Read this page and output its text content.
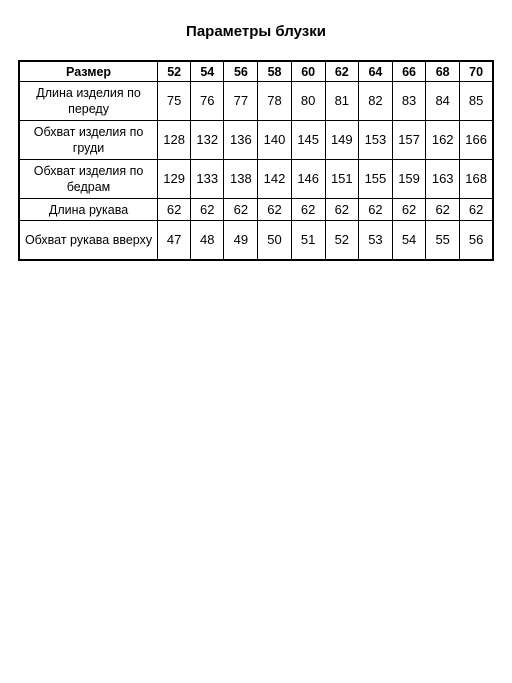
Параметры блузки
Размер	52	54	56	58	60	62	64	66	68	70
Длина изделия по переду	75	76	77	78	80	81	82	83	84	85
Обхват изделия по груди	128	132	136	140	145	149	153	157	162	166
Обхват изделия по бедрам	129	133	138	142	146	151	155	159	163	168
Длина рукава	62	62	62	62	62	62	62	62	62	62
Обхват рукава вверху	47	48	49	50	51	52	53	54	55	56
